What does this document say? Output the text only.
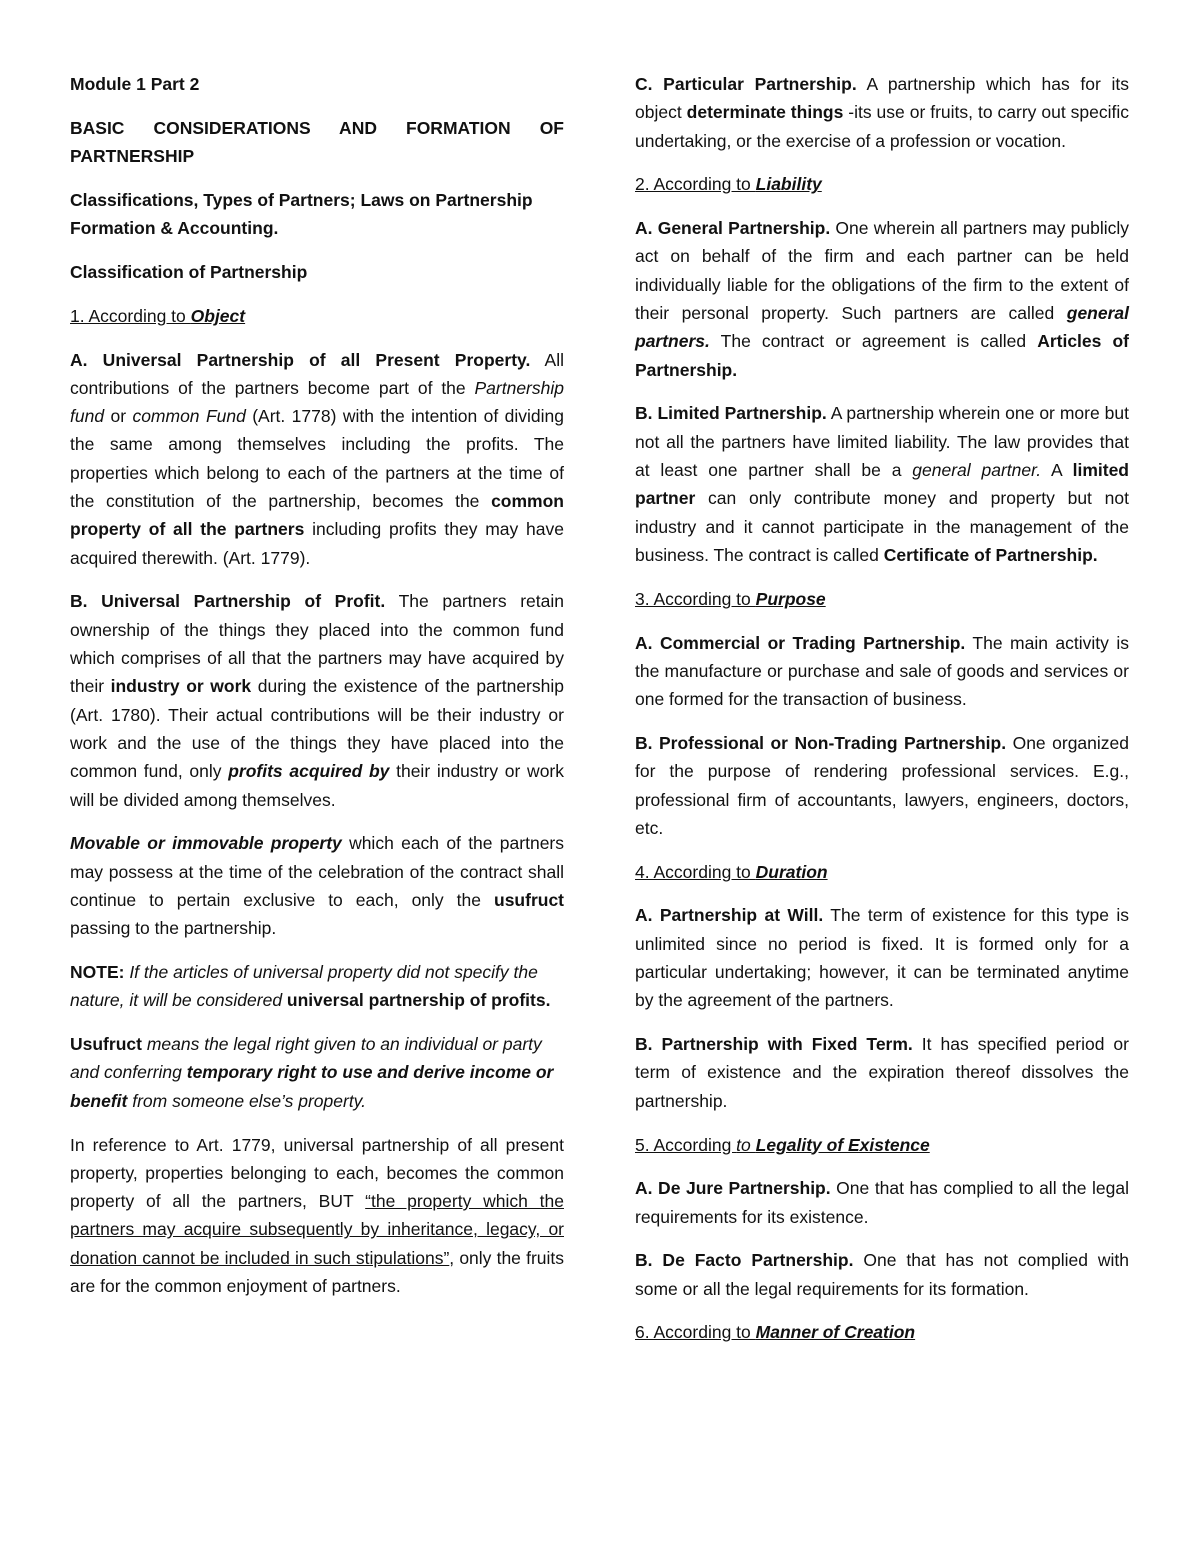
Module 1 Part 2

BASIC CONSIDERATIONS AND FORMATION OF PARTNERSHIP

Classifications, Types of Partners; Laws on Partnership Formation & Accounting.

Classification of Partnership

1. According to Object

A. Universal Partnership of all Present Property. All contributions of the partners become part of the Partnership fund or common Fund (Art. 1778) with the intention of dividing the same among themselves including the profits. The properties which belong to each of the partners at the time of the constitution of the partnership, becomes the common property of all the partners including profits they may have acquired therewith. (Art. 1779).

B. Universal Partnership of Profit. The partners retain ownership of the things they placed into the common fund which comprises of all that the partners may have acquired by their industry or work during the existence of the partnership (Art. 1780). Their actual contributions will be their industry or work and the use of the things they have placed into the common fund, only profits acquired by their industry or work will be divided among themselves.

Movable or immovable property which each of the partners may possess at the time of the celebration of the contract shall continue to pertain exclusive to each, only the usufruct passing to the partnership.

NOTE: If the articles of universal property did not specify the nature, it will be considered universal partnership of profits.

Usufruct means the legal right given to an individual or party and conferring temporary right to use and derive income or benefit from someone else’s property.

In reference to Art. 1779, universal partnership of all present property, properties belonging to each, becomes the common property of all the partners, BUT “the property which the partners may acquire subsequently by inheritance, legacy, or donation cannot be included in such stipulations”, only the fruits are for the common enjoyment of partners.

C. Particular Partnership. A partnership which has for its object determinate things -its use or fruits, to carry out specific undertaking, or the exercise of a profession or vocation.

2. According to Liability

A. General Partnership. One wherein all partners may publicly act on behalf of the firm and each partner can be held individually liable for the obligations of the firm to the extent of their personal property. Such partners are called general partners. The contract or agreement is called Articles of Partnership.

B. Limited Partnership. A partnership wherein one or more but not all the partners have limited liability. The law provides that at least one partner shall be a general partner. A limited partner can only contribute money and property but not industry and it cannot participate in the management of the business. The contract is called Certificate of Partnership.

3. According to Purpose

A. Commercial or Trading Partnership. The main activity is the manufacture or purchase and sale of goods and services or one formed for the transaction of business.

B. Professional or Non-Trading Partnership. One organized for the purpose of rendering professional services. E.g., professional firm of accountants, lawyers, engineers, doctors, etc.

4. According to Duration

A. Partnership at Will. The term of existence for this type is unlimited since no period is fixed. It is formed only for a particular undertaking; however, it can be terminated anytime by the agreement of the partners.

B. Partnership with Fixed Term. It has specified period or term of existence and the expiration thereof dissolves the partnership.

5. According to Legality of Existence

A. De Jure Partnership. One that has complied to all the legal requirements for its existence.

B. De Facto Partnership. One that has not complied with some or all the legal requirements for its formation.

6. According to Manner of Creation
